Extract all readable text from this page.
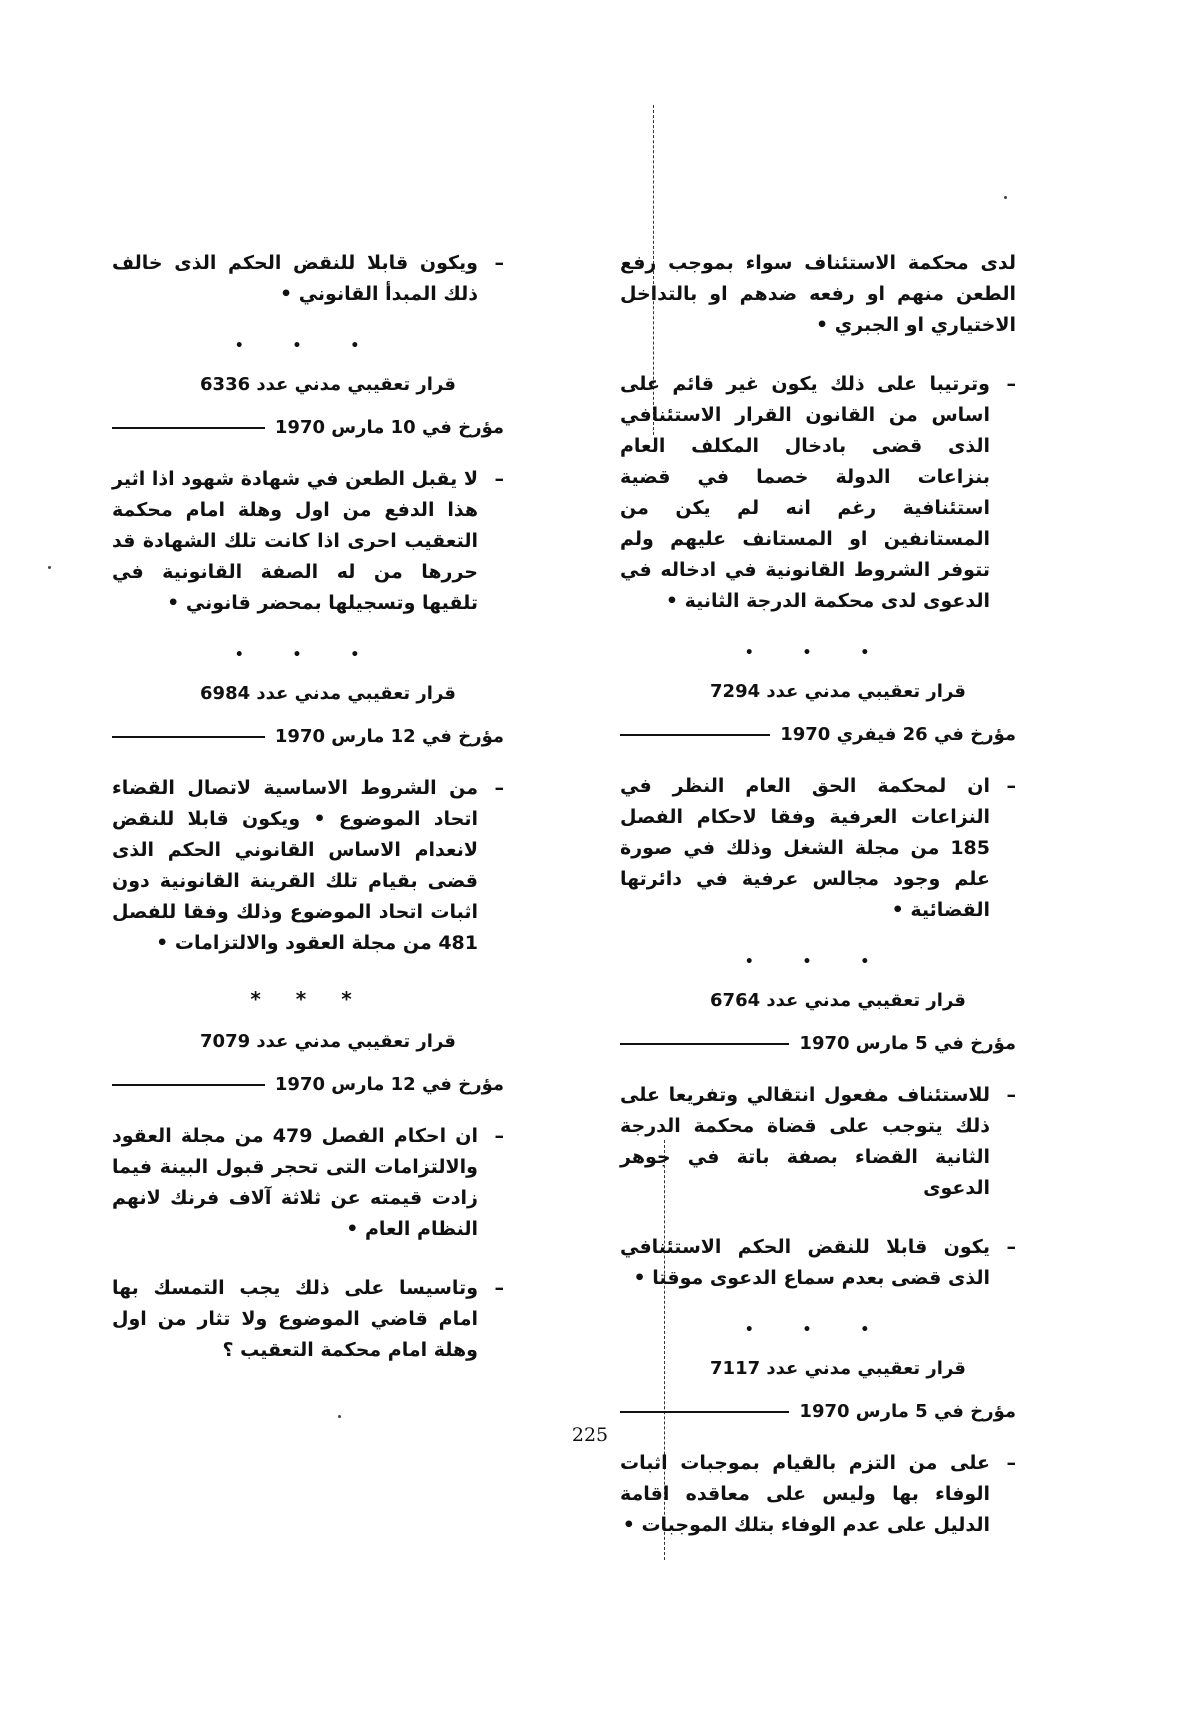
لدى محكمة الاستئناف سواء بموجب رفع الطعن منهم او رفعه ضدهم او بالتداخل الاختياري او الجبري •

–
وترتيبا على ذلك يكون غير قائم على اساس من القانون القرار الاستئنافي الذى قضى بادخال المكلف العام بنزاعات الدولة خصما في قضية استئنافية رغم انه لم يكن من المستانفين او المستانف عليهم ولم تتوفر الشروط القانونية في ادخاله في الدعوى لدى محكمة الدرجة الثانية •

• • •
قرار تعقيبي مدني عدد 7294
مؤرخ في 26 فيفري 1970

–
ان لمحكمة الحق العام النظر في النزاعات العرفية وفقا لاحكام الفصل 185 من مجلة الشغل وذلك في صورة علم وجود مجالس عرفية في دائرتها القضائية •

• • •
قرار تعقيبي مدني عدد 6764
مؤرخ في 5 مارس 1970

–
للاستئناف مفعول انتقالي وتفريعا على ذلك يتوجب على قضاة محكمة الدرجة الثانية القضاء بصفة باتة في جوهر الدعوى

–
يكون قابلا للنقض الحكم الاستئنافي الذى قضى بعدم سماع الدعوى موقتا •

• • •
قرار تعقيبي مدني عدد 7117
مؤرخ في 5 مارس 1970

–
على من التزم بالقيام بموجبات اثبات الوفاء بها وليس على معاقده اقامة الدليل على عدم الوفاء بتلك الموجبات •

–
ويكون قابلا للنقض الحكم الذى خالف ذلك المبدأ القانوني •

• • •
قرار تعقيبي مدني عدد 6336
مؤرخ في 10 مارس 1970

–
لا يقبل الطعن في شهادة شهود اذا اثير هذا الدفع من اول وهلة امام محكمة التعقيب احرى اذا كانت تلك الشهادة قد حررها من له الصفة القانونية في تلقيها وتسجيلها بمحضر قانوني •

• • •
قرار تعقيبي مدني عدد 6984
مؤرخ في 12 مارس 1970

–
من الشروط الاساسية لاتصال القضاء اتحاد الموضوع • ويكون قابلا للنقض لانعدام الاساس القانوني الحكم الذى قضى بقيام تلك القرينة القانونية دون اثبات اتحاد الموضوع وذلك وفقا للفصل 481 من مجلة العقود والالتزامات •

* * *
قرار تعقيبي مدني عدد 7079
مؤرخ في 12 مارس 1970

–
ان احكام الفصل 479 من مجلة العقود والالتزامات التى تحجر قبول البينة فيما زادت قيمته عن ثلاثة آلاف فرنك لانهم النظام العام •

–
وتاسيسا على ذلك يجب التمسك بها امام قاضي الموضوع ولا تثار من اول وهلة امام محكمة التعقيب ؟

225
